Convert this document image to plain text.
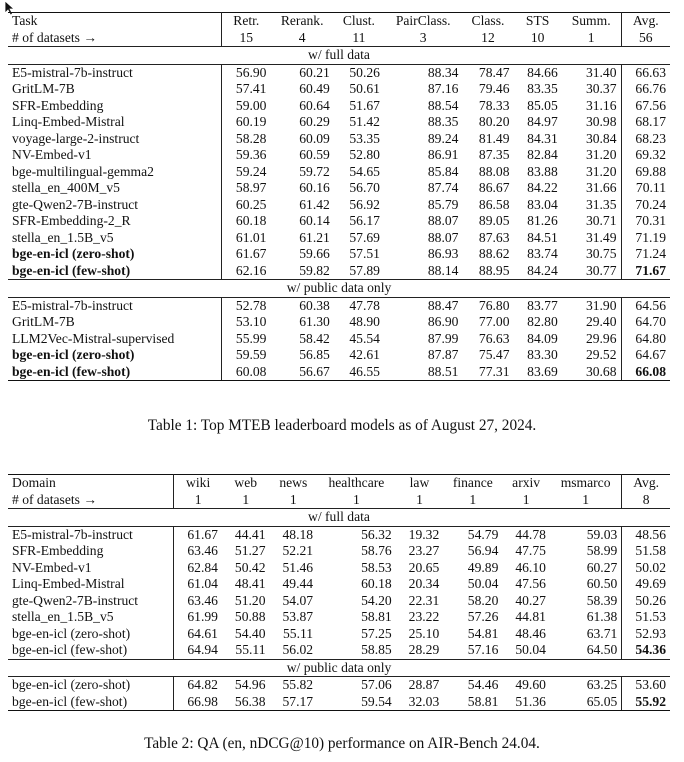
Task	Retr.	Rerank.	Clust.	PairClass.	Class.	STS	Summ.	Avg.
# of datasets →	15	4	11	3	12	10	1	56
w/ full data								
E5-mistral-7b-instruct	56.90	60.21	50.26	88.34	78.47	84.66	31.40	66.63
GritLM-7B	57.41	60.49	50.61	87.16	79.46	83.35	30.37	66.76
SFR-Embedding	59.00	60.64	51.67	88.54	78.33	85.05	31.16	67.56
Linq-Embed-Mistral	60.19	60.29	51.42	88.35	80.20	84.97	30.98	68.17
voyage-large-2-instruct	58.28	60.09	53.35	89.24	81.49	84.31	30.84	68.23
NV-Embed-v1	59.36	60.59	52.80	86.91	87.35	82.84	31.20	69.32
bge-multilingual-gemma2	59.24	59.72	54.65	85.84	88.08	83.88	31.20	69.88
stella_en_400M_v5	58.97	60.16	56.70	87.74	86.67	84.22	31.66	70.11
gte-Qwen2-7B-instruct	60.25	61.42	56.92	85.79	86.58	83.04	31.35	70.24
SFR-Embedding-2_R	60.18	60.14	56.17	88.07	89.05	81.26	30.71	70.31
stella_en_1.5B_v5	61.01	61.21	57.69	88.07	87.63	84.51	31.49	71.19
bge-en-icl (zero-shot)	61.67	59.66	57.51	86.93	88.62	83.74	30.75	71.24
bge-en-icl (few-shot)	62.16	59.82	57.89	88.14	88.95	84.24	30.77	71.67
w/ public data only								
E5-mistral-7b-instruct	52.78	60.38	47.78	88.47	76.80	83.77	31.90	64.56
GritLM-7B	53.10	61.30	48.90	86.90	77.00	82.80	29.40	64.70
LLM2Vec-Mistral-supervised	55.99	58.42	45.54	87.99	76.63	84.09	29.96	64.80
bge-en-icl (zero-shot)	59.59	56.85	42.61	87.87	75.47	83.30	29.52	64.67
bge-en-icl (few-shot)	60.08	56.67	46.55	88.51	77.31	83.69	30.68	66.08
Table 1: Top MTEB leaderboard models as of August 27, 2024.
Domain	wiki	web	news	healthcare	law	finance	arxiv	msmarco	Avg.
# of datasets →	1	1	1	1	1	1	1	1	8
w/ full data									
E5-mistral-7b-instruct	61.67	44.41	48.18	56.32	19.32	54.79	44.78	59.03	48.56
SFR-Embedding	63.46	51.27	52.21	58.76	23.27	56.94	47.75	58.99	51.58
NV-Embed-v1	62.84	50.42	51.46	58.53	20.65	49.89	46.10	60.27	50.02
Linq-Embed-Mistral	61.04	48.41	49.44	60.18	20.34	50.04	47.56	60.50	49.69
gte-Qwen2-7B-instruct	63.46	51.20	54.07	54.20	22.31	58.20	40.27	58.39	50.26
stella_en_1.5B_v5	61.99	50.88	53.87	58.81	23.22	57.26	44.81	61.38	51.53
bge-en-icl (zero-shot)	64.61	54.40	55.11	57.25	25.10	54.81	48.46	63.71	52.93
bge-en-icl (few-shot)	64.94	55.11	56.02	58.85	28.29	57.16	50.04	64.50	54.36
w/ public data only									
bge-en-icl (zero-shot)	64.82	54.96	55.82	57.06	28.87	54.46	49.60	63.25	53.60
bge-en-icl (few-shot)	66.98	56.38	57.17	59.54	32.03	58.81	51.36	65.05	55.92
Table 2: QA (en, nDCG@10) performance on AIR-Bench 24.04.
